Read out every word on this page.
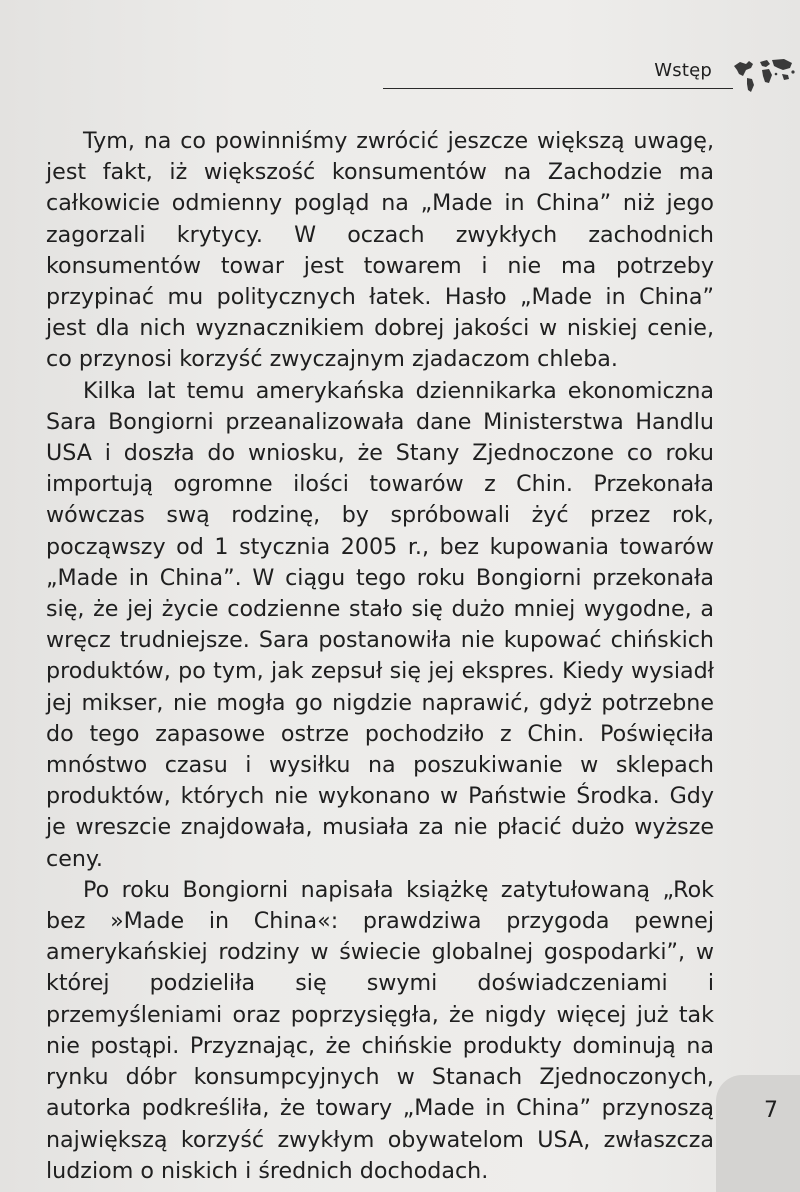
Wstęp

Tym, na co powinniśmy zwrócić jeszcze większą uwagę, jest fakt, iż większość konsumentów na Zachodzie ma całkowicie odmienny pogląd na „Made in China” niż jego zagorzali krytycy. W oczach zwykłych zachodnich konsumentów towar jest towarem i nie ma potrzeby przypinać mu politycznych łatek. Hasło „Made in China” jest dla nich wyznacznikiem dobrej jakości w niskiej cenie, co przynosi korzyść zwyczajnym zjadaczom chleba.

Kilka lat temu amerykańska dziennikarka ekonomiczna Sara Bongiorni przeanalizowała dane Ministerstwa Handlu USA i doszła do wniosku, że Stany Zjednoczone co roku importują ogromne ilości towarów z Chin. Przekonała wówczas swą rodzinę, by spróbowali żyć przez rok, począwszy od 1 stycznia 2005 r., bez kupowania towarów „Made in China”. W ciągu tego roku Bongiorni przekonała się, że jej życie codzienne stało się dużo mniej wygodne, a wręcz trudniejsze. Sara postanowiła nie kupować chińskich produktów, po tym, jak zepsuł się jej ekspres. Kiedy wysiadł jej mikser, nie mogła go nigdzie naprawić, gdyż potrzebne do tego zapasowe ostrze pochodziło z Chin. Poświęciła mnóstwo czasu i wysiłku na poszukiwanie w sklepach produktów, których nie wykonano w Państwie Środka. Gdy je wreszcie znajdowała, musiała za nie płacić dużo wyższe ceny.

Po roku Bongiorni napisała książkę zatytułowaną „Rok bez »Made in China«: prawdziwa przygoda pewnej amerykańskiej rodziny w świecie globalnej gospodarki”, w której podzieliła się swymi doświadczeniami i przemyśleniami oraz poprzysięgła, że nigdy więcej już tak nie postąpi. Przyznając, że chińskie produkty dominują na rynku dóbr konsumpcyjnych w Stanach Zjednoczonych, autorka podkreśliła, że towary „Made in China” przynoszą największą korzyść zwykłym obywatelom USA, zwłaszcza ludziom o niskich i średnich dochodach.

7
